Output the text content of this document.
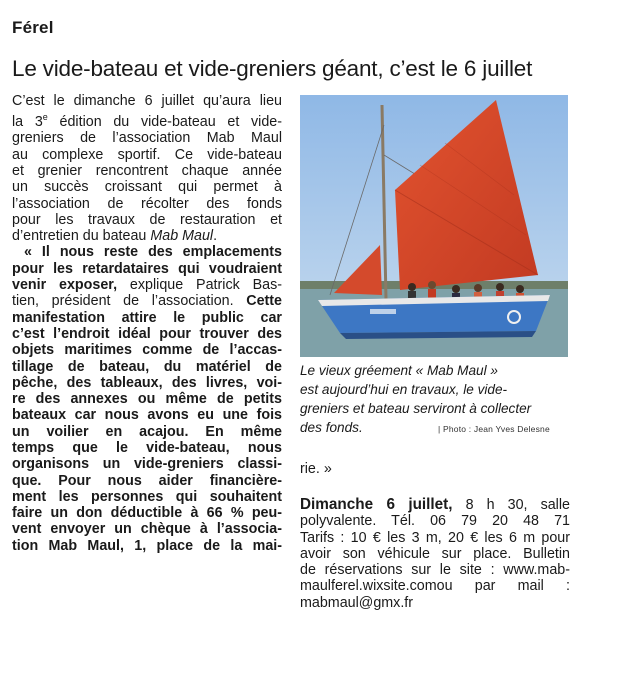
Férel
Le vide-bateau et vide-greniers géant, c’est le 6 juillet
C’est le dimanche 6 juillet qu’aura lieu
la 3e édition du vide-bateau et vide-
greniers de l’association Mab Maul
au complexe sportif. Ce vide-bateau
et grenier rencontrent chaque année
un succès croissant qui permet à
l’association de récolter des fonds
pour les travaux de restauration et
d’entretien du bateau Mab Maul.
« Il nous reste des emplacements
pour les retardataires qui voudraient
venir exposer, explique Patrick Bas-
tien, président de l’association. Cette
manifestation attire le public car
c’est l’endroit idéal pour trouver des
objets maritimes comme de l’accas-
tillage de bateau, du matériel de
pêche, des tableaux, des livres, voi-
re des annexes ou même de petits
bateaux car nous avons eu une fois
un voilier en acajou. En même
temps que le vide-bateau, nous
organisons un vide-greniers classi-
que. Pour nous aider financière-
ment les personnes qui souhaitent
faire un don déductible à 66 % peu-
vent envoyer un chèque à l’associa-
tion Mab Maul, 1, place de la mai-
Le vieux gréement « Mab Maul »
est aujourd’hui en travaux, le vide-
greniers et bateau serviront à collecter
des fonds.	| Photo : Jean Yves Delesne
rie. »
Dimanche 6 juillet, 8 h 30, salle
polyvalente. Tél. 06 79 20 48 71
Tarifs : 10 € les 3 m, 20 € les 6 m pour
avoir son véhicule sur place. Bulletin
de réservations sur le site : www.mab-
maulferel.wixsite.comou par mail :
mabmaul@gmx.fr
